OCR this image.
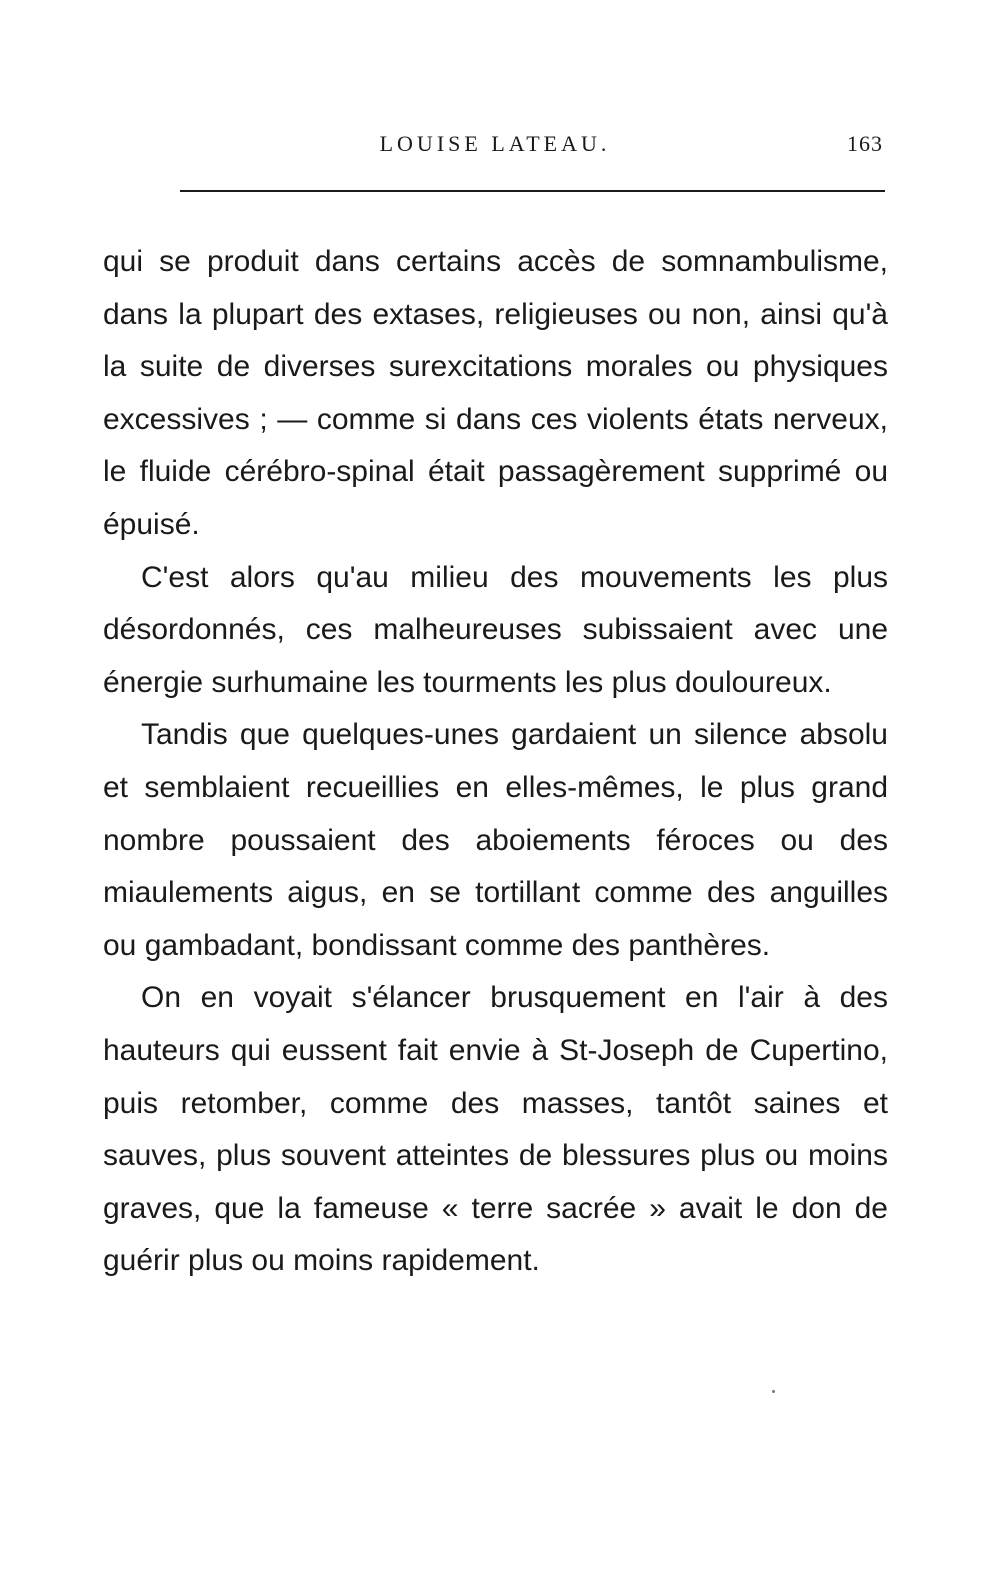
LOUISE LATEAU.	163

qui se produit dans certains accès de somnambulisme, dans la plupart des extases, religieuses ou non, ainsi qu'à la suite de diverses surexcitations morales ou physiques excessives ; — comme si dans ces violents états nerveux, le fluide cérébro-spinal était passagèrement supprimé ou épuisé.

C'est alors qu'au milieu des mouvements les plus désordonnés, ces malheureuses subissaient avec une énergie surhumaine les tourments les plus douloureux.

Tandis que quelques-unes gardaient un silence absolu et semblaient recueillies en elles-mêmes, le plus grand nombre poussaient des aboiements féroces ou des miaulements aigus, en se tortillant comme des anguilles ou gambadant, bondissant comme des panthères.

On en voyait s'élancer brusquement en l'air à des hauteurs qui eussent fait envie à St-Joseph de Cupertino, puis retomber, comme des masses, tantôt saines et sauves, plus souvent atteintes de blessures plus ou moins graves, que la fameuse « terre sacrée » avait le don de guérir plus ou moins rapidement.
